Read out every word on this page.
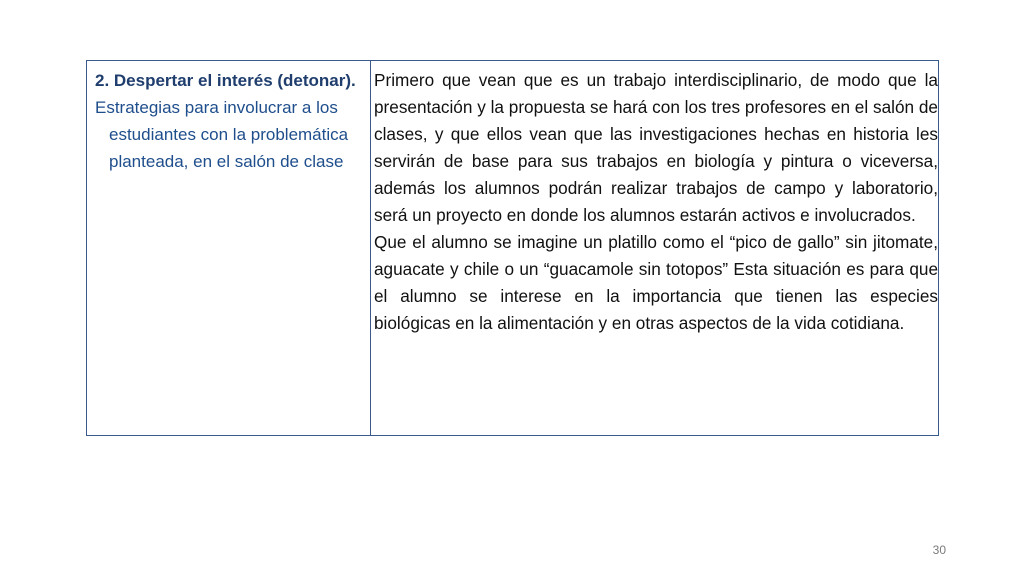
2. Despertar el interés (detonar).

Estrategias para involucrar a los estudiantes con la problemática planteada, en el salón de clase

Primero que vean que es un trabajo interdisciplinario, de modo que la presentación y la propuesta se hará con los tres profesores en el salón de clases, y que ellos vean que las investigaciones hechas en historia les servirán de base para sus trabajos en biología y pintura o viceversa, además los alumnos podrán realizar trabajos de campo y laboratorio, será un proyecto en donde los alumnos estarán activos e involucrados.

Que el alumno se imagine un platillo como el “pico de gallo” sin jitomate, aguacate y chile o un “guacamole sin totopos” Esta situación es para que el alumno se interese en la importancia que tienen las especies biológicas en la alimentación y en otras aspectos de la vida cotidiana.

30
